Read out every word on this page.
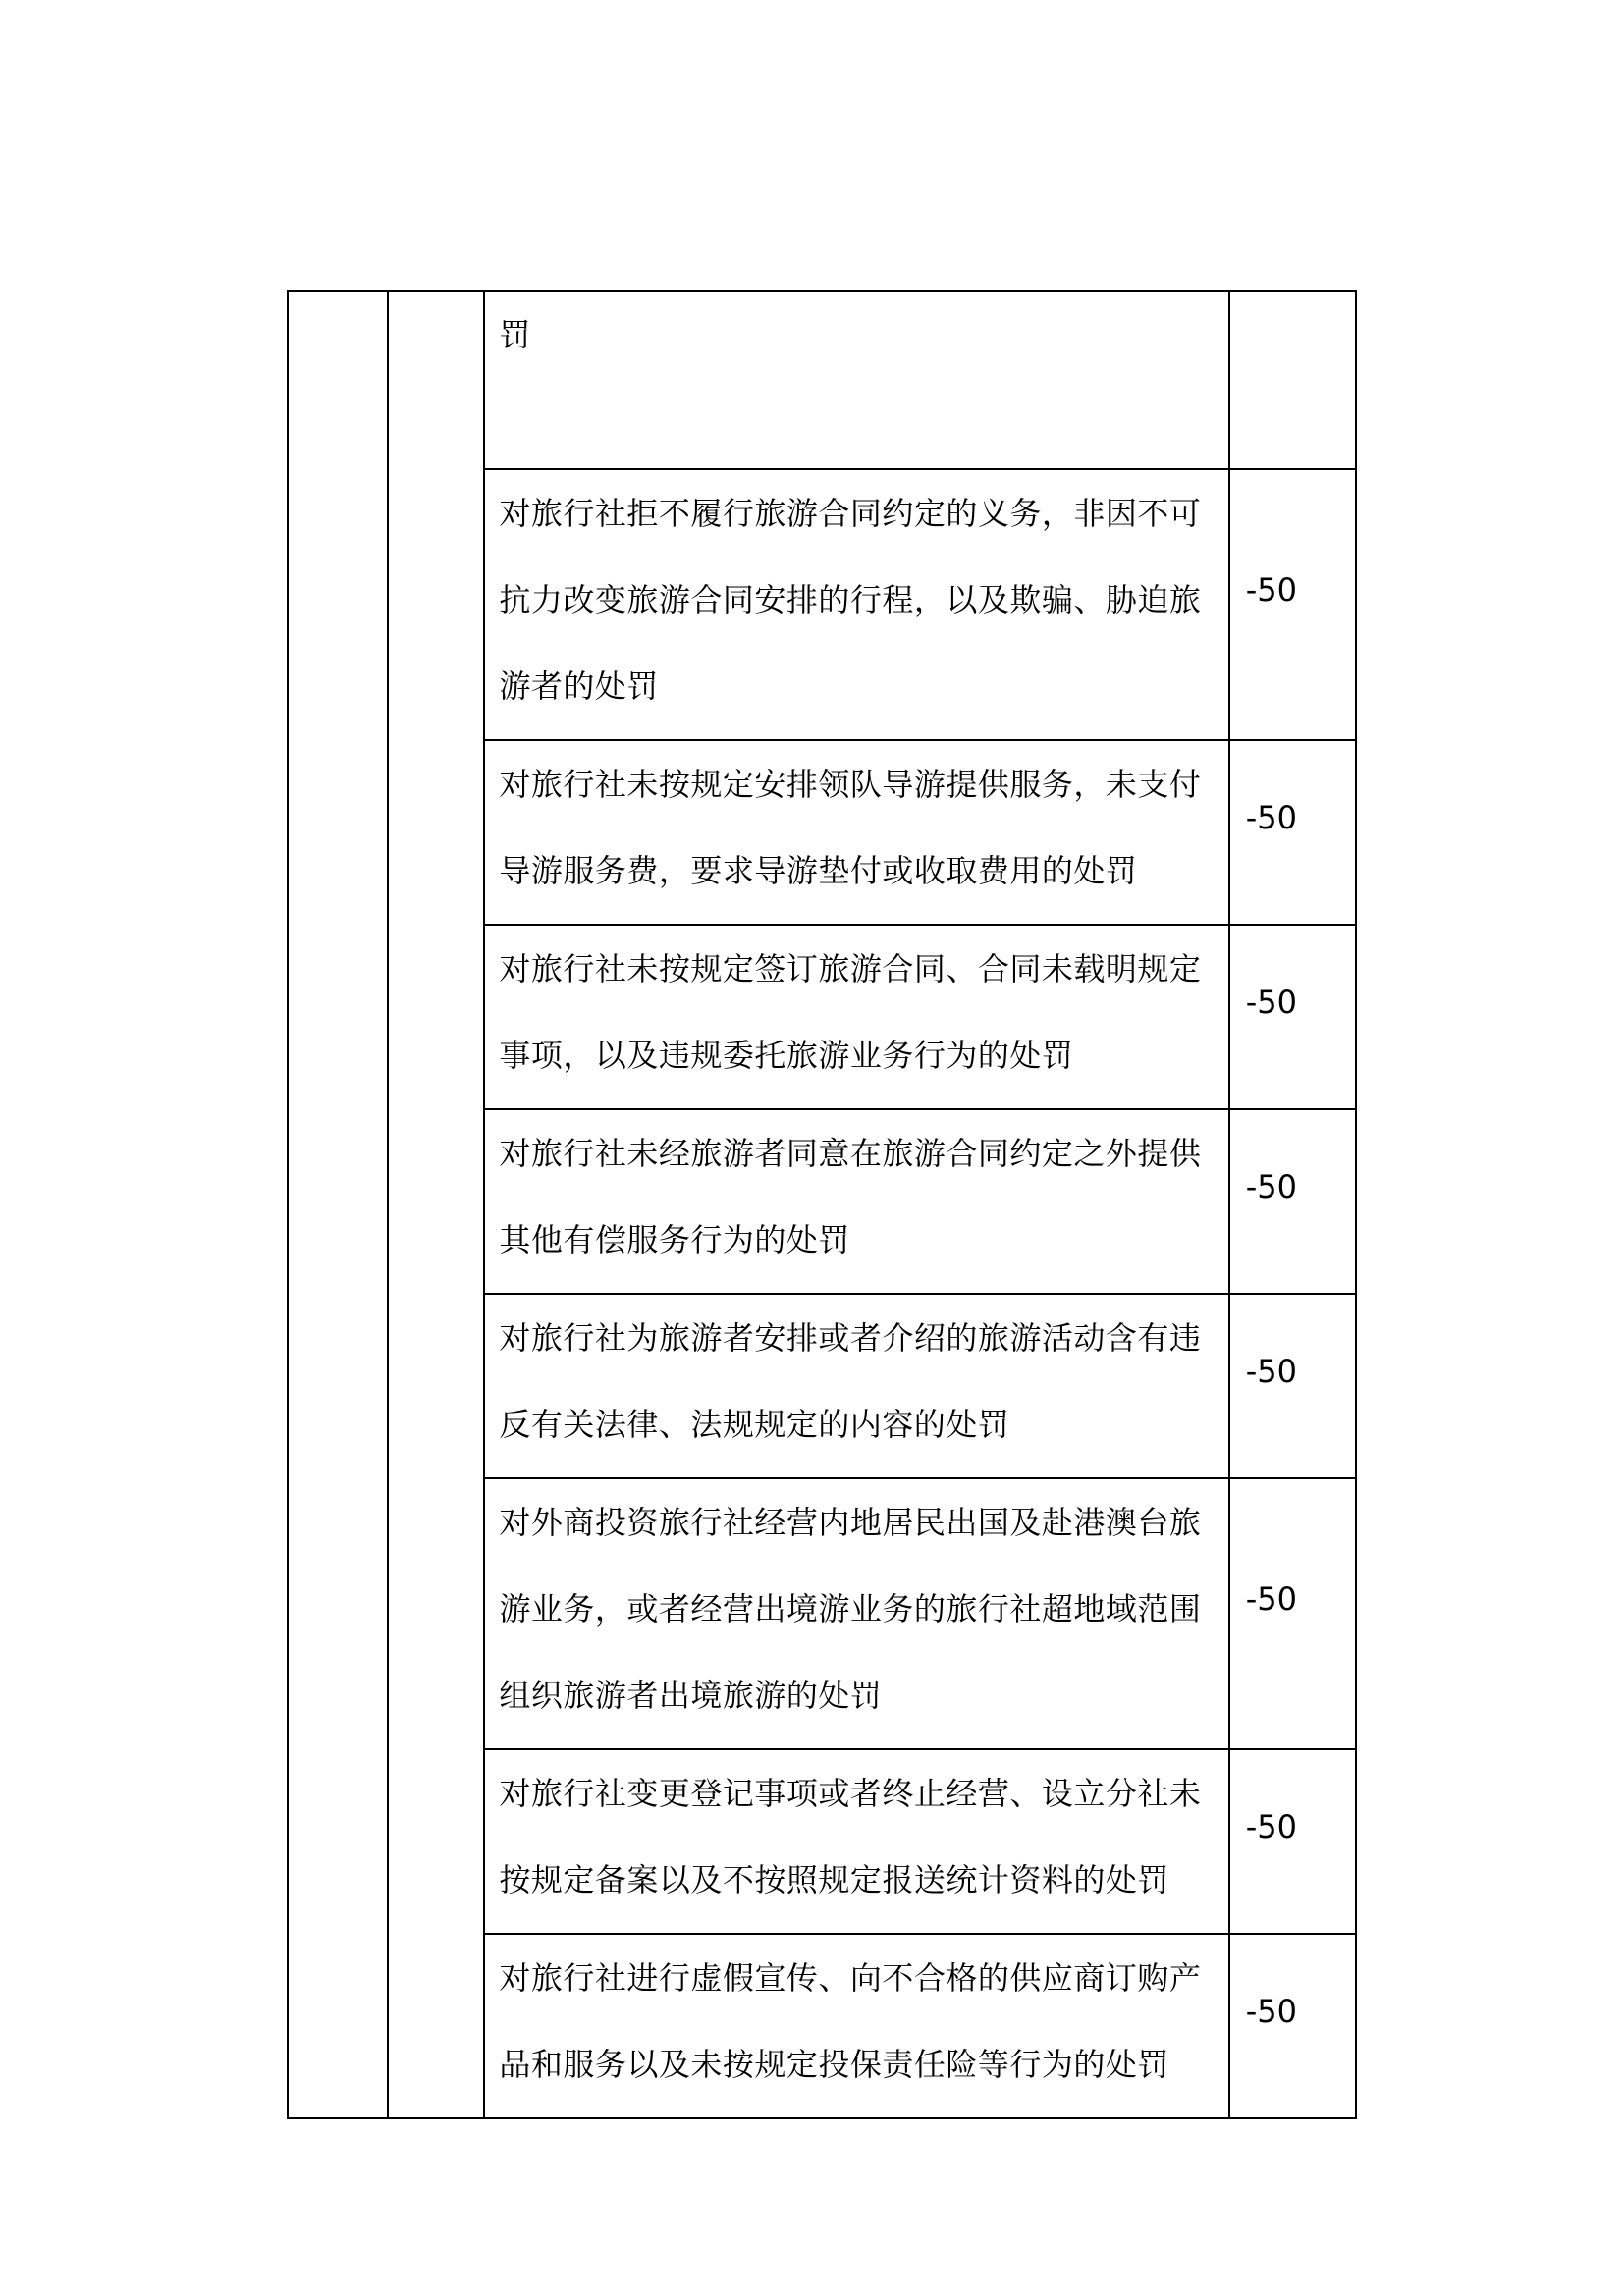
		罚	

		对旅行社拒不履行旅游合同约定的义务，非因不可抗力改变旅游合同安排的行程，以及欺骗、胁迫旅游者的处罚	-50

		对旅行社未按规定安排领队导游提供服务，未支付导游服务费，要求导游垫付或收取费用的处罚	-50

		对旅行社未按规定签订旅游合同、合同未载明规定事项，以及违规委托旅游业务行为的处罚	-50

		对旅行社未经旅游者同意在旅游合同约定之外提供其他有偿服务行为的处罚	-50

		对旅行社为旅游者安排或者介绍的旅游活动含有违反有关法律、法规规定的内容的处罚	-50

		对外商投资旅行社经营内地居民出国及赴港澳台旅游业务，或者经营出境游业务的旅行社超地域范围组织旅游者出境旅游的处罚	-50

		对旅行社变更登记事项或者终止经营、设立分社未按规定备案以及不按照规定报送统计资料的处罚	-50

		对旅行社进行虚假宣传、向不合格的供应商订购产品和服务以及未按规定投保责任险等行为的处罚	-50
